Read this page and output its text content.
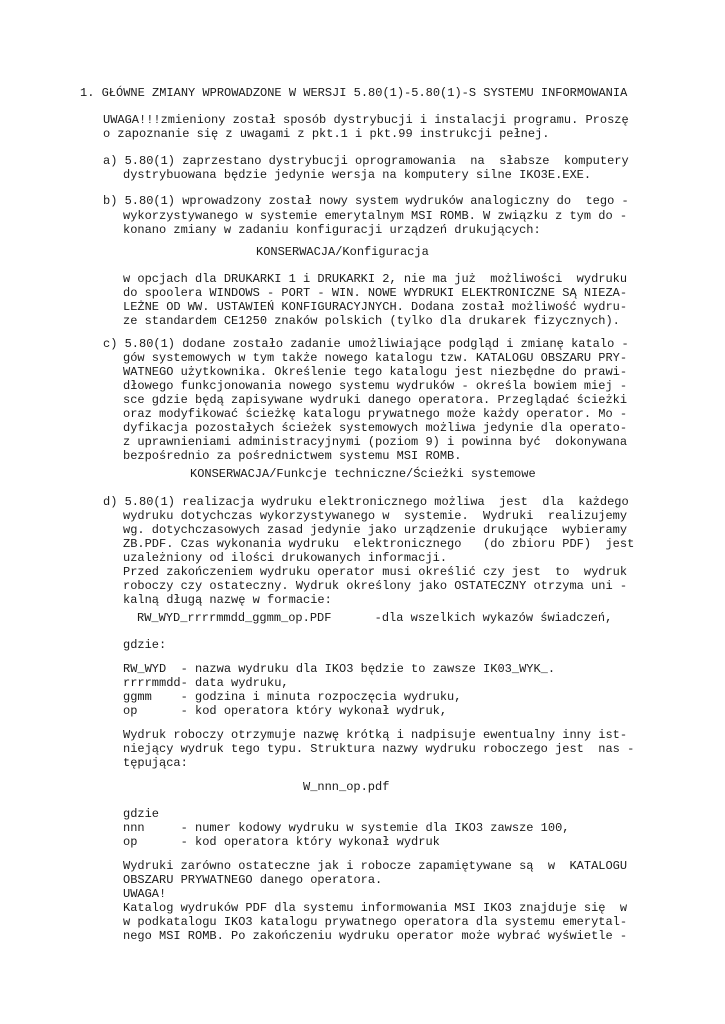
1. GŁÓWNE ZMIANY WPROWADZONE W WERSJI 5.80(1)-5.80(1)-S SYSTEMU INFORMOWANIA
UWAGA!!!zmieniony został sposób dystrybucji i instalacji programu. Proszę
o zapoznanie się z uwagami z pkt.1 i pkt.99 instrukcji pełnej.
a) 5.80(1) zaprzestano dystrybucji oprogramowania  na  słabsze  komputery
dystrybuowana będzie jedynie wersja na komputery silne IKO3E.EXE.
b) 5.80(1) wprowadzony został nowy system wydruków analogiczny do  tego -
wykorzystywanego w systemie emerytalnym MSI ROMB. W związku z tym do -
konano zmiany w zadaniu konfiguracji urządzeń drukujących:
KONSERWACJA/Konfiguracja
w opcjach dla DRUKARKI 1 i DRUKARKI 2, nie ma już  możliwości  wydruku
do spoolera WINDOWS - PORT - WIN. NOWE WYDRUKI ELEKTRONICZNE SĄ NIEZA-
LEŻNE OD WW. USTAWIEŃ KONFIGURACYJNYCH. Dodana został możliwość wydru-
ze standardem CE1250 znaków polskich (tylko dla drukarek fizycznych).
c) 5.80(1) dodane zostało zadanie umożliwiające podgląd i zmianę katalo -
gów systemowych w tym także nowego katalogu tzw. KATALOGU OBSZARU PRY-
WATNEGO użytkownika. Określenie tego katalogu jest niezbędne do prawi-
dłowego funkcjonowania nowego systemu wydruków - określa bowiem miej -
sce gdzie będą zapisywane wydruki danego operatora. Przeglądać ścieżki
oraz modyfikować ścieżkę katalogu prywatnego może każdy operator. Mo -
dyfikacja pozostałych ścieżek systemowych możliwa jedynie dla operato-
z uprawnieniami administracyjnymi (poziom 9) i powinna być  dokonywana
bezpośrednio za pośrednictwem systemu MSI ROMB.
KONSERWACJA/Funkcje techniczne/Ścieżki systemowe
d) 5.80(1) realizacja wydruku elektronicznego możliwa  jest  dla  każdego
wydruku dotychczas wykorzystywanego w  systemie.  Wydruki  realizujemy
wg. dotychczasowych zasad jedynie jako urządzenie drukujące  wybieramy
ZB.PDF. Czas wykonania wydruku  elektronicznego   (do zbioru PDF)  jest
uzależniony od ilości drukowanych informacji.
Przed zakończeniem wydruku operator musi określić czy jest  to  wydruk
roboczy czy ostateczny. Wydruk określony jako OSTATECZNY otrzyma uni -
kalną długą nazwę w formacie:
RW_WYD_rrrrmmdd_ggmm_op.PDF      -dla wszelkich wykazów świadczeń,
gdzie:
RW_WYD  - nazwa wydruku dla IKO3 będzie to zawsze IK03_WYK_.
rrrrmmdd- data wydruku,
ggmm    - godzina i minuta rozpoczęcia wydruku,
op      - kod operatora który wykonał wydruk,
Wydruk roboczy otrzymuje nazwę krótką i nadpisuje ewentualny inny ist-
niejący wydruk tego typu. Struktura nazwy wydruku roboczego jest  nas -
tępująca:
W_nnn_op.pdf
gdzie
nnn     - numer kodowy wydruku w systemie dla IKO3 zawsze 100,
op      - kod operatora który wykonał wydruk
Wydruki zarówno ostateczne jak i robocze zapamiętywane są  w  KATALOGU
OBSZARU PRYWATNEGO danego operatora.
UWAGA!
Katalog wydruków PDF dla systemu informowania MSI IKO3 znajduje się  w
w podkatalogu IKO3 katalogu prywatnego operatora dla systemu emerytal-
nego MSI ROMB. Po zakończeniu wydruku operator może wybrać wyświetle -
